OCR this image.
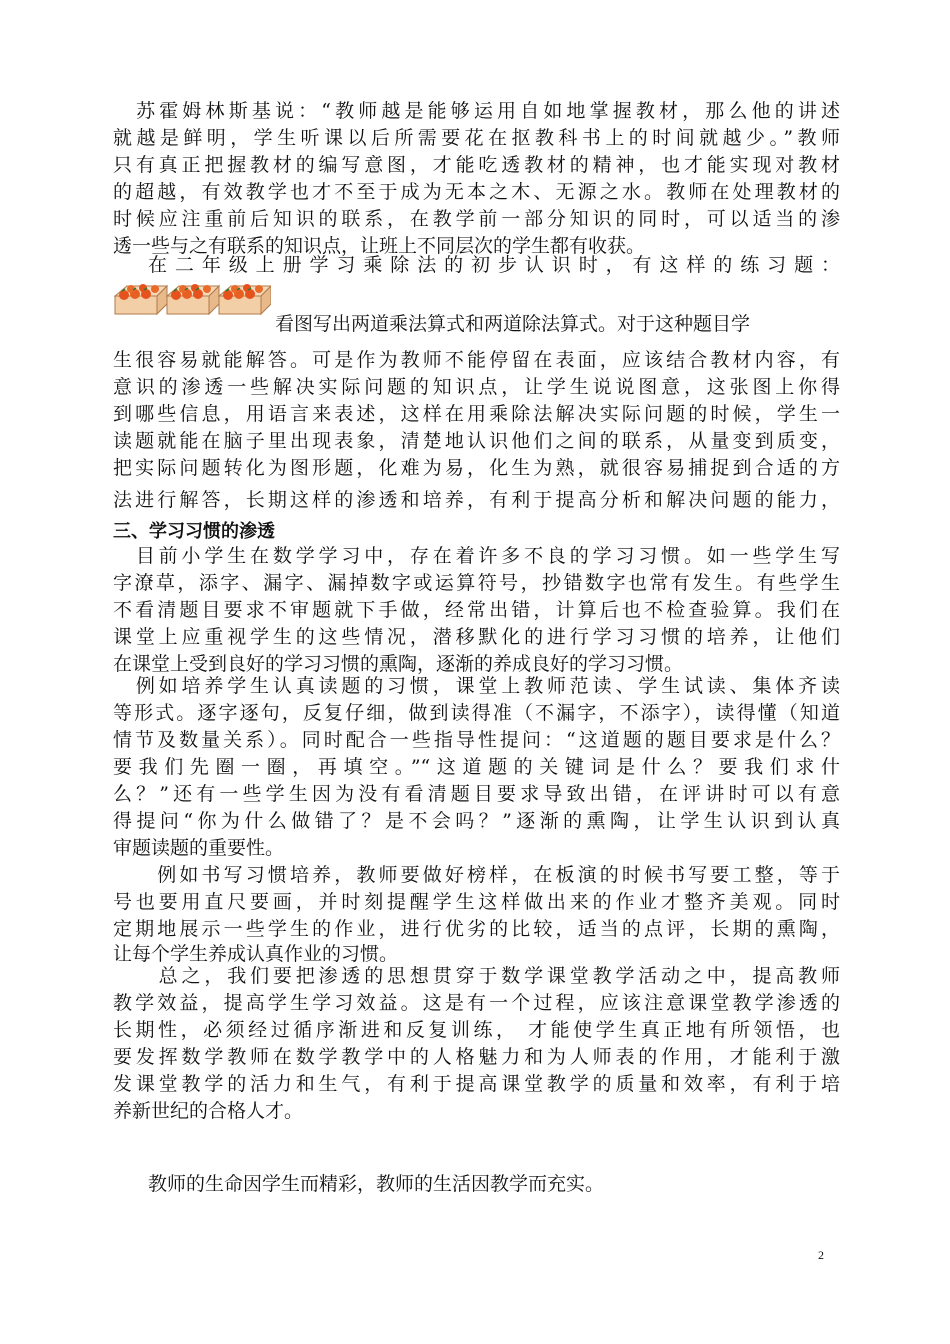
　苏霍姆林斯基说：“教师越是能够运用自如地掌握教材，那么他的讲述
就越是鲜明，学生听课以后所需要花在抠教科书上的时间就越少。”教师
只有真正把握教材的编写意图，才能吃透教材的精神，也才能实现对教材
的超越，有效教学也才不至于成为无本之木、无源之水。教师在处理教材的
时候应注重前后知识的联系，在教学前一部分知识的同时，可以适当的渗
透一些与之有联系的知识点，让班上不同层次的学生都有收获。
在二年级上册学习乘除法的初步认识时，有这样的练习题：
看图写出两道乘法算式和两道除法算式。对于这种题目学
生很容易就能解答。可是作为教师不能停留在表面，应该结合教材内容，有
意识的渗透一些解决实际问题的知识点，让学生说说图意，这张图上你得
到哪些信息，用语言来表述，这样在用乘除法解决实际问题的时候，学生一
读题就能在脑子里出现表象，清楚地认识他们之间的联系，从量变到质变，
把实际问题转化为图形题，化难为易，化生为熟，就很容易捕捉到合适的方
法进行解答，长期这样的渗透和培养，有利于提高分析和解决问题的能力，
三、学习习惯的渗透
　目前小学生在数学学习中，存在着许多不良的学习习惯。如一些学生写
字潦草，添字、漏字、漏掉数字或运算符号，抄错数字也常有发生。有些学生
不看清题目要求不审题就下手做，经常出错，计算后也不检查验算。我们在
课堂上应重视学生的这些情况，潜移默化的进行学习习惯的培养，让他们
在课堂上受到良好的学习习惯的熏陶，逐渐的养成良好的学习习惯。
　例如培养学生认真读题的习惯，课堂上教师范读、学生试读、集体齐读
等形式。逐字逐句，反复仔细，做到读得准（不漏字，不添字），读得懂（知道
情节及数量关系）。同时配合一些指导性提问：“这道题的题目要求是什么？
要我们先圈一圈，再填空。”“这道题的关键词是什么？要我们求什
么？”还有一些学生因为没有看清题目要求导致出错，在评讲时可以有意
得提问“你为什么做错了？是不会吗？”逐渐的熏陶，让学生认识到认真
审题读题的重要性。
　　例如书写习惯培养，教师要做好榜样，在板演的时候书写要工整，等于
号也要用直尺要画，并时刻提醒学生这样做出来的作业才整齐美观。同时
定期地展示一些学生的作业，进行优劣的比较，适当的点评，长期的熏陶，
让每个学生养成认真作业的习惯。
　　总之，我们要把渗透的思想贯穿于数学课堂教学活动之中，提高教师
教学效益，提高学生学习效益。这是有一个过程，应该注意课堂教学渗透的
长期性，必须经过循序渐进和反复训练， 才能使学生真正地有所领悟，也
要发挥数学教师在数学教学中的人格魅力和为人师表的作用，才能利于激
发课堂教学的活力和生气，有利于提高课堂教学的质量和效率，有利于培
养新世纪的合格人才。
教师的生命因学生而精彩，教师的生活因教学而充实。
2
